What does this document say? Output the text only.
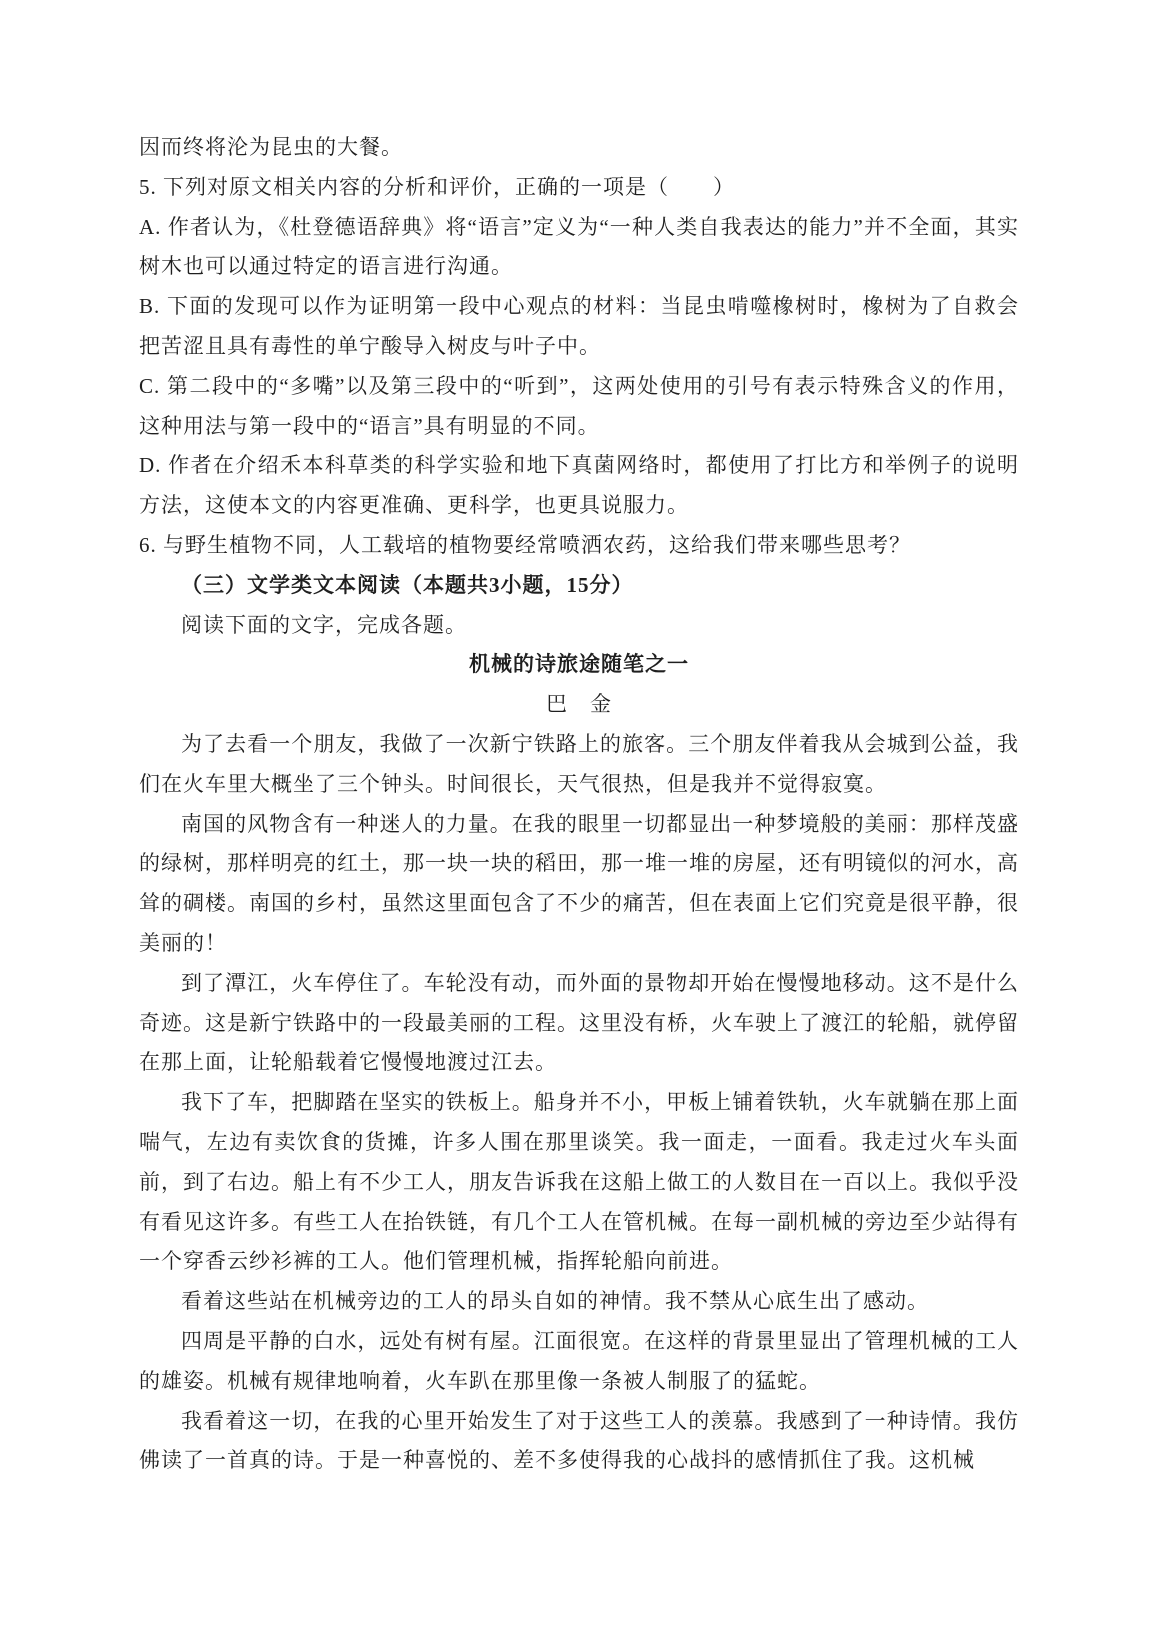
因而终将沦为昆虫的大餐。

5. 下列对原文相关内容的分析和评价，正确的一项是（　　）

A. 作者认为，《杜登德语辞典》将“语言”定义为“一种人类自我表达的能力”并不全面，其实树木也可以通过特定的语言进行沟通。

B. 下面的发现可以作为证明第一段中心观点的材料：当昆虫啃噬橡树时，橡树为了自救会把苦涩且具有毒性的单宁酸导入树皮与叶子中。

C. 第二段中的“多嘴”以及第三段中的“听到”，这两处使用的引号有表示特殊含义的作用，这种用法与第一段中的“语言”具有明显的不同。

D. 作者在介绍禾本科草类的科学实验和地下真菌网络时，都使用了打比方和举例子的说明方法，这使本文的内容更准确、更科学，也更具说服力。

6. 与野生植物不同，人工载培的植物要经常喷洒农药，这给我们带来哪些思考？

（三）文学类文本阅读（本题共3小题，15分）

阅读下面的文字，完成各题。

机械的诗旅途随笔之一

巴　金

为了去看一个朋友，我做了一次新宁铁路上的旅客。三个朋友伴着我从会城到公益，我们在火车里大概坐了三个钟头。时间很长，天气很热，但是我并不觉得寂寞。

南国的风物含有一种迷人的力量。在我的眼里一切都显出一种梦境般的美丽：那样茂盛的绿树，那样明亮的红土，那一块一块的稻田，那一堆一堆的房屋，还有明镜似的河水，高耸的碉楼。南国的乡村，虽然这里面包含了不少的痛苦，但在表面上它们究竟是很平静，很美丽的！

到了潭江，火车停住了。车轮没有动，而外面的景物却开始在慢慢地移动。这不是什么奇迹。这是新宁铁路中的一段最美丽的工程。这里没有桥，火车驶上了渡江的轮船，就停留在那上面，让轮船载着它慢慢地渡过江去。

我下了车，把脚踏在坚实的铁板上。船身并不小，甲板上铺着铁轨，火车就躺在那上面喘气，左边有卖饮食的货摊，许多人围在那里谈笑。我一面走，一面看。我走过火车头面前，到了右边。船上有不少工人，朋友告诉我在这船上做工的人数目在一百以上。我似乎没有看见这许多。有些工人在抬铁链，有几个工人在管机械。在每一副机械的旁边至少站得有一个穿香云纱衫裤的工人。他们管理机械，指挥轮船向前进。

看着这些站在机械旁边的工人的昂头自如的神情。我不禁从心底生出了感动。

四周是平静的白水，远处有树有屋。江面很宽。在这样的背景里显出了管理机械的工人的雄姿。机械有规律地响着，火车趴在那里像一条被人制服了的猛蛇。

我看着这一切，在我的心里开始发生了对于这些工人的羡慕。我感到了一种诗情。我仿佛读了一首真的诗。于是一种喜悦的、差不多使得我的心战抖的感情抓住了我。这机械
